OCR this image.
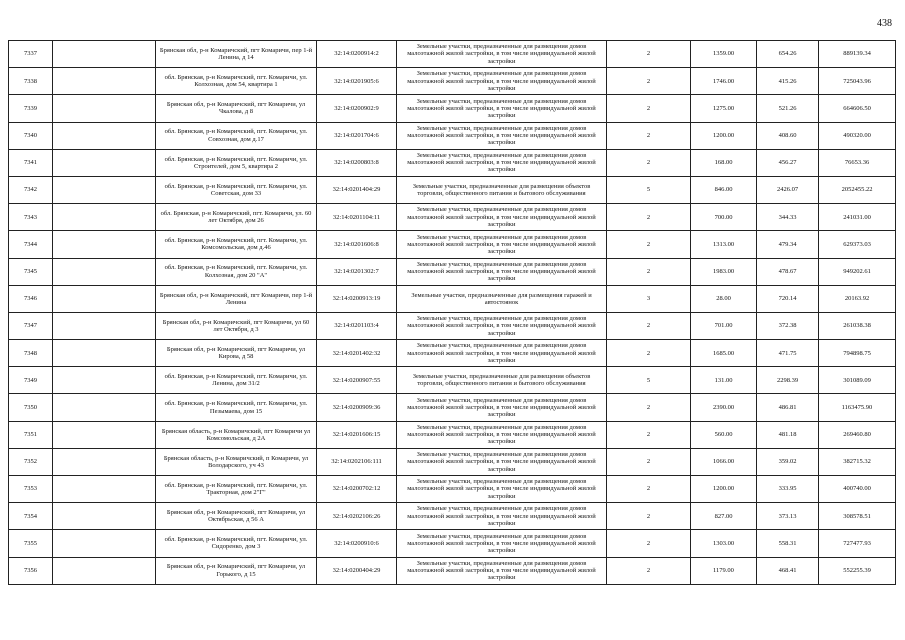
438
7337		Брянская обл, р-н Комаричский, пгт Комаричи, пер 1-й Ленина, д 14	32:14:0200914:2	Земельные участки, предназначенные для размещения домов малоэтажной жилой застройки, в том числе индивидуальной жилой застройки	2	1359.00	654.26	889139.34
7338		обл. Брянская, р-н Комаричский, пгт. Комаричи, ул. Колхозная, дом 54, квартира 1	32:14:0201905:6	Земельные участки, предназначенные для размещения домов малоэтажной жилой застройки, в том числе индивидуальной жилой застройки	2	1746.00	415.26	725043.96
7339		Брянская обл, р-н Комаричский, пгт Комаричи, ул Чкалова, д 8	32:14:0200902:9	Земельные участки, предназначенные для размещения домов малоэтажной жилой застройки, в том числе индивидуальной жилой застройки	2	1275.00	521.26	664606.50
7340		обл. Брянская, р-н Комаричский, пгт. Комаричи, ул. Совхозная, дом д.17	32:14:0201704:6	Земельные участки, предназначенные для размещения домов малоэтажной жилой застройки, в том числе индивидуальной жилой застройки	2	1200.00	408.60	490320.00
7341		обл. Брянская, р-н Комаричский, пгт. Комаричи, ул. Строителей, дом 5, квартира 2	32:14:0200803:8	Земельные участки, предназначенные для размещения домов малоэтажной жилой застройки, в том числе индивидуальной жилой застройки	2	168.00	456.27	76653.36
7342		обл. Брянская, р-н Комаричский, пгт. Комаричи, ул. Советская, дом 33	32:14:0201404:29	Земельные участки, предназначенные для размещения объектов торговли, общественного питания и бытового обслуживания	5	846.00	2426.07	2052455.22
7343		обл. Брянская, р-н Комаричский, пгт. Комаричи, ул. 60 лет Октября, дом 26	32:14:0201104:11	Земельные участки, предназначенные для размещения домов малоэтажной жилой застройки, в том числе индивидуальной жилой застройки	2	700.00	344.33	241031.00
7344		обл. Брянская, р-н Комаричский, пгт. Комаричи, ул. Комсомольская, дом д.46	32:14:0201606:8	Земельные участки, предназначенные для размещения домов малоэтажной жилой застройки, в том числе индивидуальной жилой застройки	2	1313.00	479.34	629373.03
7345		обл. Брянская, р-н Комаричский, пгт. Комаричи, ул. Колхозная, дом 20 "А"	32:14:0201302:7	Земельные участки, предназначенные для размещения домов малоэтажной жилой застройки, в том числе индивидуальной жилой застройки	2	1983.00	478.67	949202.61
7346		Брянская обл, р-н Комаричский, пгт Комаричи, пер 1-й Ленина	32:14:0200913:19	Земельные участки, предназначенные для размещения гаражей и автостоянок	3	28.00	720.14	20163.92
7347		Брянская обл, р-н Комаричский, пгт Комаричи, ул 60 лет Октября, д 3	32:14:0201103:4	Земельные участки, предназначенные для размещения домов малоэтажной жилой застройки, в том числе индивидуальной жилой застройки	2	701.00	372.38	261038.38
7348		Брянская обл, р-н Комаричский, пгт Комаричи, ул Кирова, д 58	32:14:0201402:32	Земельные участки, предназначенные для размещения домов малоэтажной жилой застройки, в том числе индивидуальной жилой застройки	2	1685.00	471.75	794898.75
7349		обл. Брянская, р-н Комаричский, пгт. Комаричи, ул. Ленина, дом 31/2	32:14:0200907:55	Земельные участки, предназначенные для размещения объектов торговли, общественного питания и бытового обслуживания	5	131.00	2298.39	301089.09
7350		обл. Брянская, р-н Комаричский, пгт. Комаричи, ул. Пезымаева, дом 15	32:14:0200909:36	Земельные участки, предназначенные для размещения домов малоэтажной жилой застройки, в том числе индивидуальной жилой застройки	2	2390.00	486.81	1163475.90
7351		Брянская область, р-н Комаричский, пгт Комаричи ул Комсомольская, д 2А	32:14:0201606:15	Земельные участки, предназначенные для размещения домов малоэтажной жилой застройки, в том числе индивидуальной жилой застройки	2	560.00	481.18	269460.80
7352		Брянская область, р-н Комаричский, п Комаричи, ул Володарского, уч 43	32:14:0202106:111	Земельные участки, предназначенные для размещения домов малоэтажной жилой застройки, в том числе индивидуальной жилой застройки	2	1066.00	359.02	382715.32
7353		обл. Брянская, р-н Комаричский, пгт. Комаричи, ул. Тракторная, дом 2"Г"	32:14:0200702:12	Земельные участки, предназначенные для размещения домов малоэтажной жилой застройки, в том числе индивидуальной жилой застройки	2	1200.00	333.95	400740.00
7354		Брянская обл, р-н Комаричский, пгт Комаричи, ул Октябрьская, д 56 А	32:14:0202106:26	Земельные участки, предназначенные для размещения домов малоэтажной жилой застройки, в том числе индивидуальной жилой застройки	2	827.00	373.13	308578.51
7355		обл. Брянская, р-н Комаричский, пгт. Комаричи, ул. Сидоренко, дом 3	32:14:0200910:6	Земельные участки, предназначенные для размещения домов малоэтажной жилой застройки, в том числе индивидуальной жилой застройки	2	1303.00	558.31	727477.93
7356		Брянская обл, р-н Комаричский, пгт Комаричи, ул Горького, д 15	32:14:0200404:29	Земельные участки, предназначенные для размещения домов малоэтажной жилой застройки, в том числе индивидуальной жилой застройки	2	1179.00	468.41	552255.39
